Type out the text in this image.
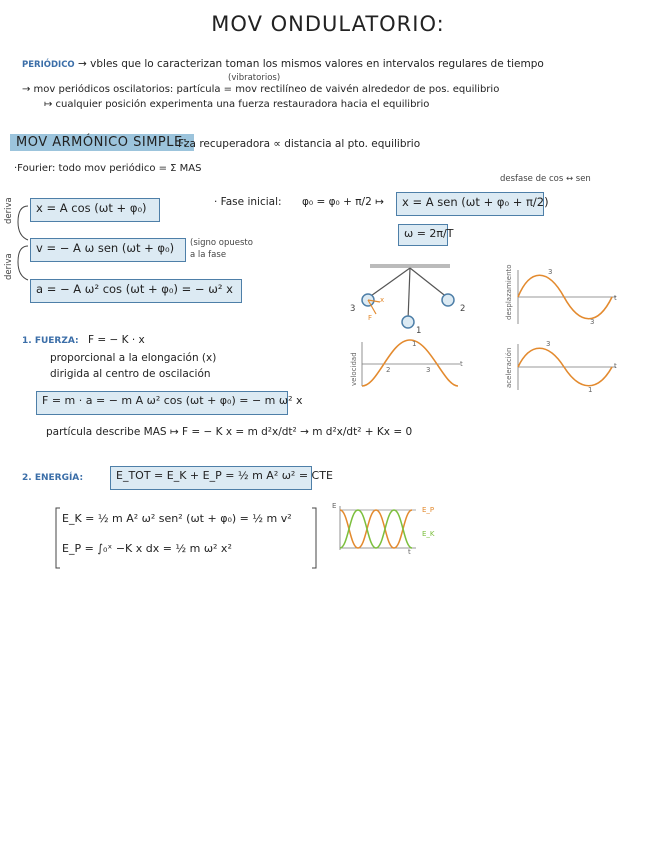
MOV ONDULATORIO:
PERIÓDICO → vbles que lo caracterizan toman los mismos valores en intervalos regulares de tiempo
(vibratorios)
→ mov periódicos oscilatorios: partícula = mov rectilíneo de vaivén alrededor de pos. equilibrio
↦ cualquier posición experimenta una fuerza restauradora hacia el equilibrio
MOV ARMÓNICO SIMPLE:
Fza recuperadora ∝ distancia al pto. equilibrio
·Fourier: todo mov periódico = Σ MAS
deriva
deriva
x = A cos (ωt + φ₀)
v = − A ω sen (ωt + φ₀)	(signo opuesto
a la fase
a = − A ω² cos (ωt + φ₀) = − ω² x
desfase de cos ↔ sen
· Fase inicial: φ₀ = φ₀ + π/2 ↦	x = A sen (ωt + φ₀ + π/2)
ω = 2π/T
3
1
2
F
x	desplazamiento	3
3
t
velocidad
1
2	3
t	aceleración
3
1
t
1. FUERZA: F = − K · x
proporcional a la elongación (x)
dirigida al centro de oscilación
F = m · a = − m A ω² cos (ωt + φ₀) = − m ω² x
partícula describe MAS ↦ F = − K x = m d²x/dt² → m d²x/dt² + Kx = 0
2. ENERGÍA:	E_TOT = E_K + E_P = ½ m A² ω² = CTE
E_K = ½ m A² ω² sen² (ωt + φ₀) = ½ m v²
E_P = ∫₀ˣ −K x dx = ½ m ω² x²
E	E_P
E_K
t
